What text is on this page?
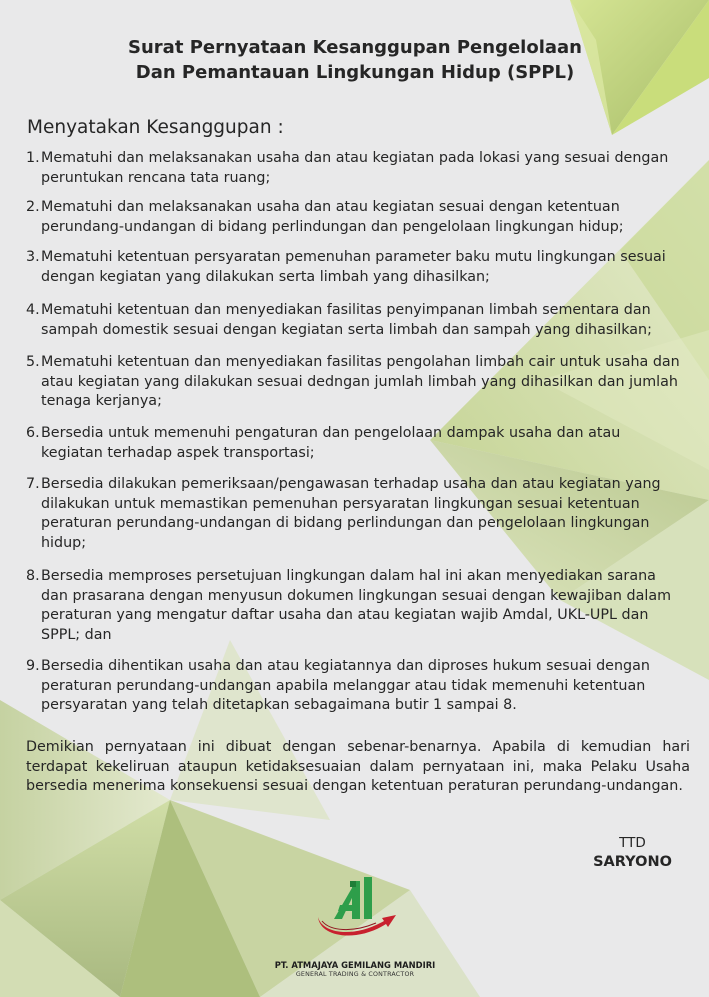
Surat Pernyataan Kesanggupan Pengelolaan
Dan Pemantauan Lingkungan Hidup (SPPL)
Menyatakan Kesanggupan :
1. Mematuhi dan melaksanakan usaha dan atau kegiatan pada lokasi yang sesuai dengan
peruntukan rencana tata ruang;
2. Mematuhi dan melaksanakan usaha dan atau kegiatan sesuai dengan ketentuan
perundang-undangan di bidang perlindungan dan pengelolaan lingkungan hidup;
3. Mematuhi ketentuan persyaratan pemenuhan parameter baku mutu lingkungan sesuai
dengan kegiatan yang dilakukan serta limbah yang dihasilkan;
4. Mematuhi ketentuan dan menyediakan fasilitas penyimpanan limbah sementara dan
sampah domestik sesuai dengan kegiatan serta limbah dan sampah yang dihasilkan;
5. Mematuhi ketentuan dan menyediakan fasilitas pengolahan limbah cair untuk usaha dan
atau kegiatan yang dilakukan sesuai dedngan jumlah limbah yang dihasilkan dan jumlah
tenaga kerjanya;
6. Bersedia untuk memenuhi pengaturan dan pengelolaan dampak usaha dan atau
kegiatan terhadap aspek transportasi;
7. Bersedia dilakukan pemeriksaan/pengawasan terhadap usaha dan atau kegiatan yang
dilakukan untuk memastikan pemenuhan persyaratan lingkungan sesuai ketentuan
peraturan perundang-undangan di bidang perlindungan dan pengelolaan lingkungan
hidup;
8. Bersedia memproses persetujuan lingkungan dalam hal ini akan menyediakan sarana
dan prasarana dengan menyusun dokumen lingkungan sesuai dengan kewajiban dalam
peraturan yang mengatur daftar usaha dan atau kegiatan wajib Amdal, UKL-UPL dan
SPPL; dan
9. Bersedia dihentikan usaha dan atau kegiatannya dan diproses hukum sesuai dengan
peraturan perundang-undangan apabila melanggar atau tidak memenuhi ketentuan
persyaratan yang telah ditetapkan sebagaimana butir 1 sampai 8.
Demikian pernyataan ini dibuat dengan sebenar-benarnya. Apabila di kemudian hari
terdapat kekeliruan ataupun ketidaksesuaian dalam pernyataan ini, maka Pelaku Usaha
bersedia menerima konsekuensi sesuai dengan ketentuan peraturan perundang-undangan.
TTD
SARYONO
PT. ATMAJAYA GEMILANG MANDIRI
GENERAL TRADING & CONTRACTOR
